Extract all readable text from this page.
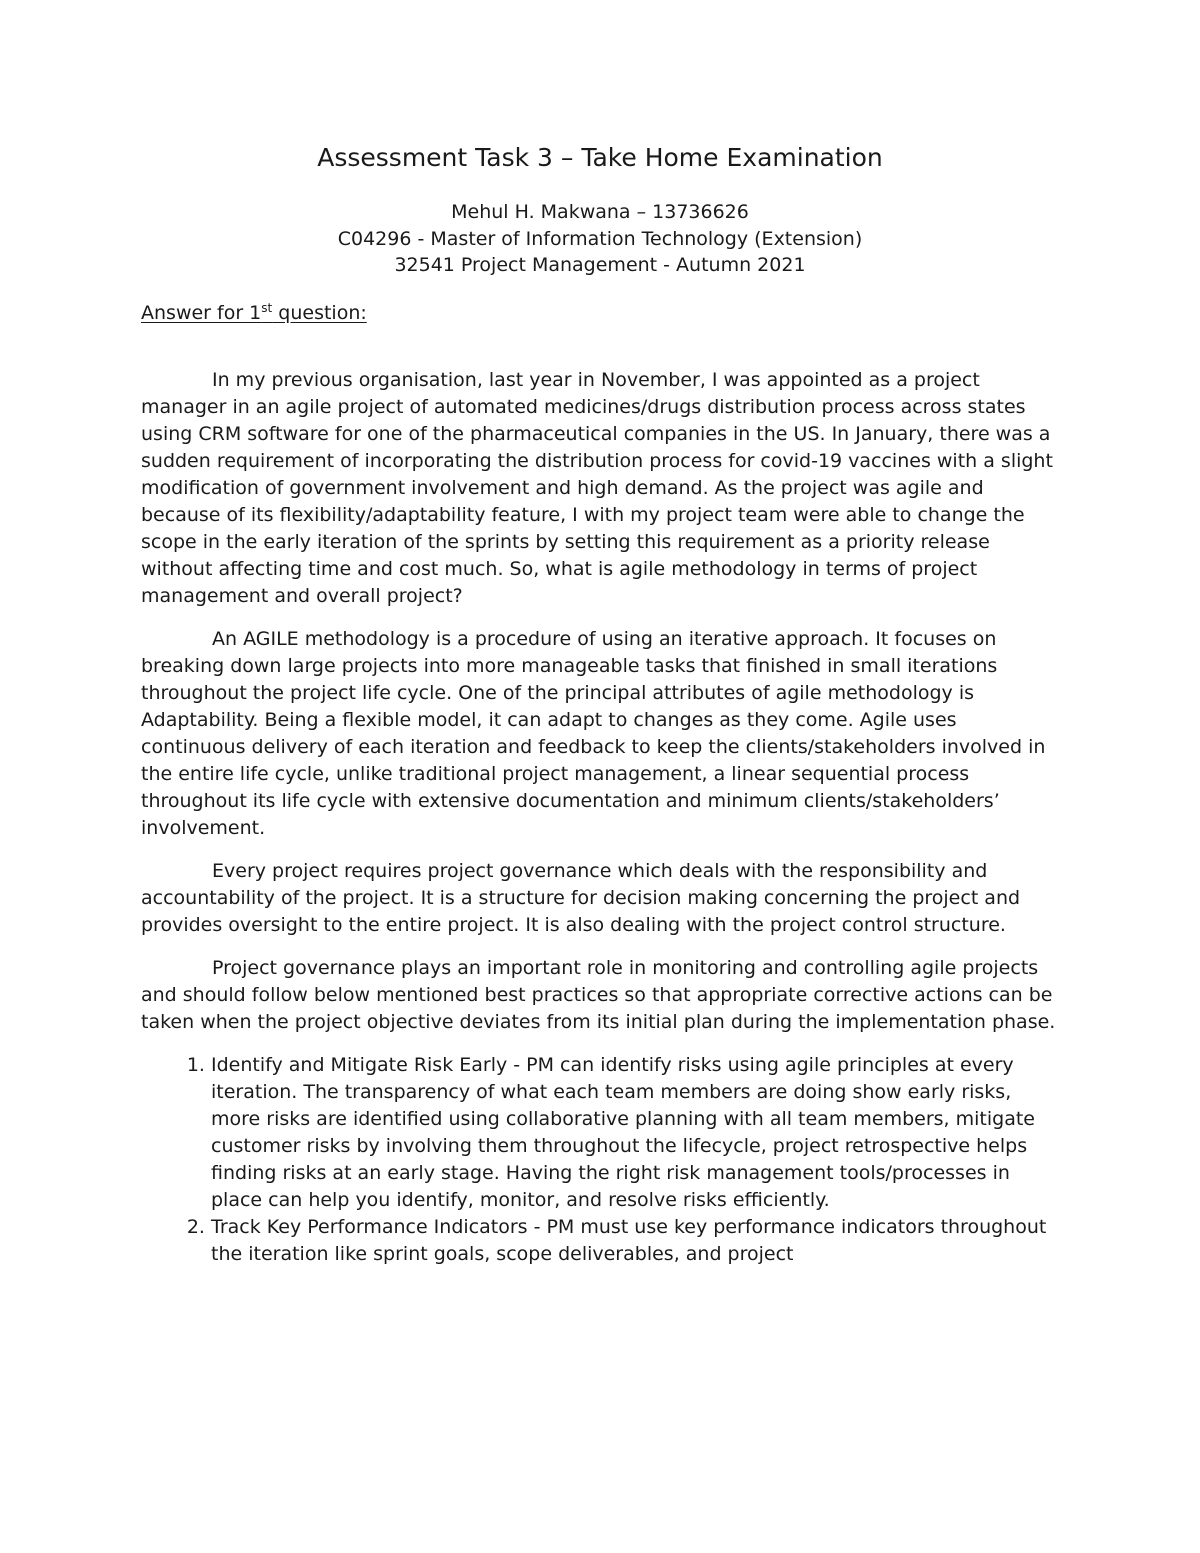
Assessment Task 3 – Take Home Examination
Mehul H. Makwana – 13736626
C04296 - Master of Information Technology (Extension)
32541 Project Management - Autumn 2021
Answer for 1st question:

In my previous organisation, last year in November, I was appointed as a project manager in an agile project of automated medicines/drugs distribution process across states using CRM software for one of the pharmaceutical companies in the US. In January, there was a sudden requirement of incorporating the distribution process for covid-19 vaccines with a slight modification of government involvement and high demand. As the project was agile and because of its flexibility/adaptability feature, I with my project team were able to change the scope in the early iteration of the sprints by setting this requirement as a priority release without affecting time and cost much. So, what is agile methodology in terms of project management and overall project?

An AGILE methodology is a procedure of using an iterative approach. It focuses on breaking down large projects into more manageable tasks that finished in small iterations throughout the project life cycle. One of the principal attributes of agile methodology is Adaptability. Being a flexible model, it can adapt to changes as they come. Agile uses continuous delivery of each iteration and feedback to keep the clients/stakeholders involved in the entire life cycle, unlike traditional project management, a linear sequential process throughout its life cycle with extensive documentation and minimum clients/stakeholders’ involvement.

Every project requires project governance which deals with the responsibility and accountability of the project. It is a structure for decision making concerning the project and provides oversight to the entire project. It is also dealing with the project control structure.

Project governance plays an important role in monitoring and controlling agile projects and should follow below mentioned best practices so that appropriate corrective actions can be taken when the project objective deviates from its initial plan during the implementation phase.

1. Identify and Mitigate Risk Early - PM can identify risks using agile principles at every iteration. The transparency of what each team members are doing show early risks, more risks are identified using collaborative planning with all team members, mitigate customer risks by involving them throughout the lifecycle, project retrospective helps finding risks at an early stage. Having the right risk management tools/processes in place can help you identify, monitor, and resolve risks efficiently.
2. Track Key Performance Indicators - PM must use key performance indicators throughout the iteration like sprint goals, scope deliverables, and project
